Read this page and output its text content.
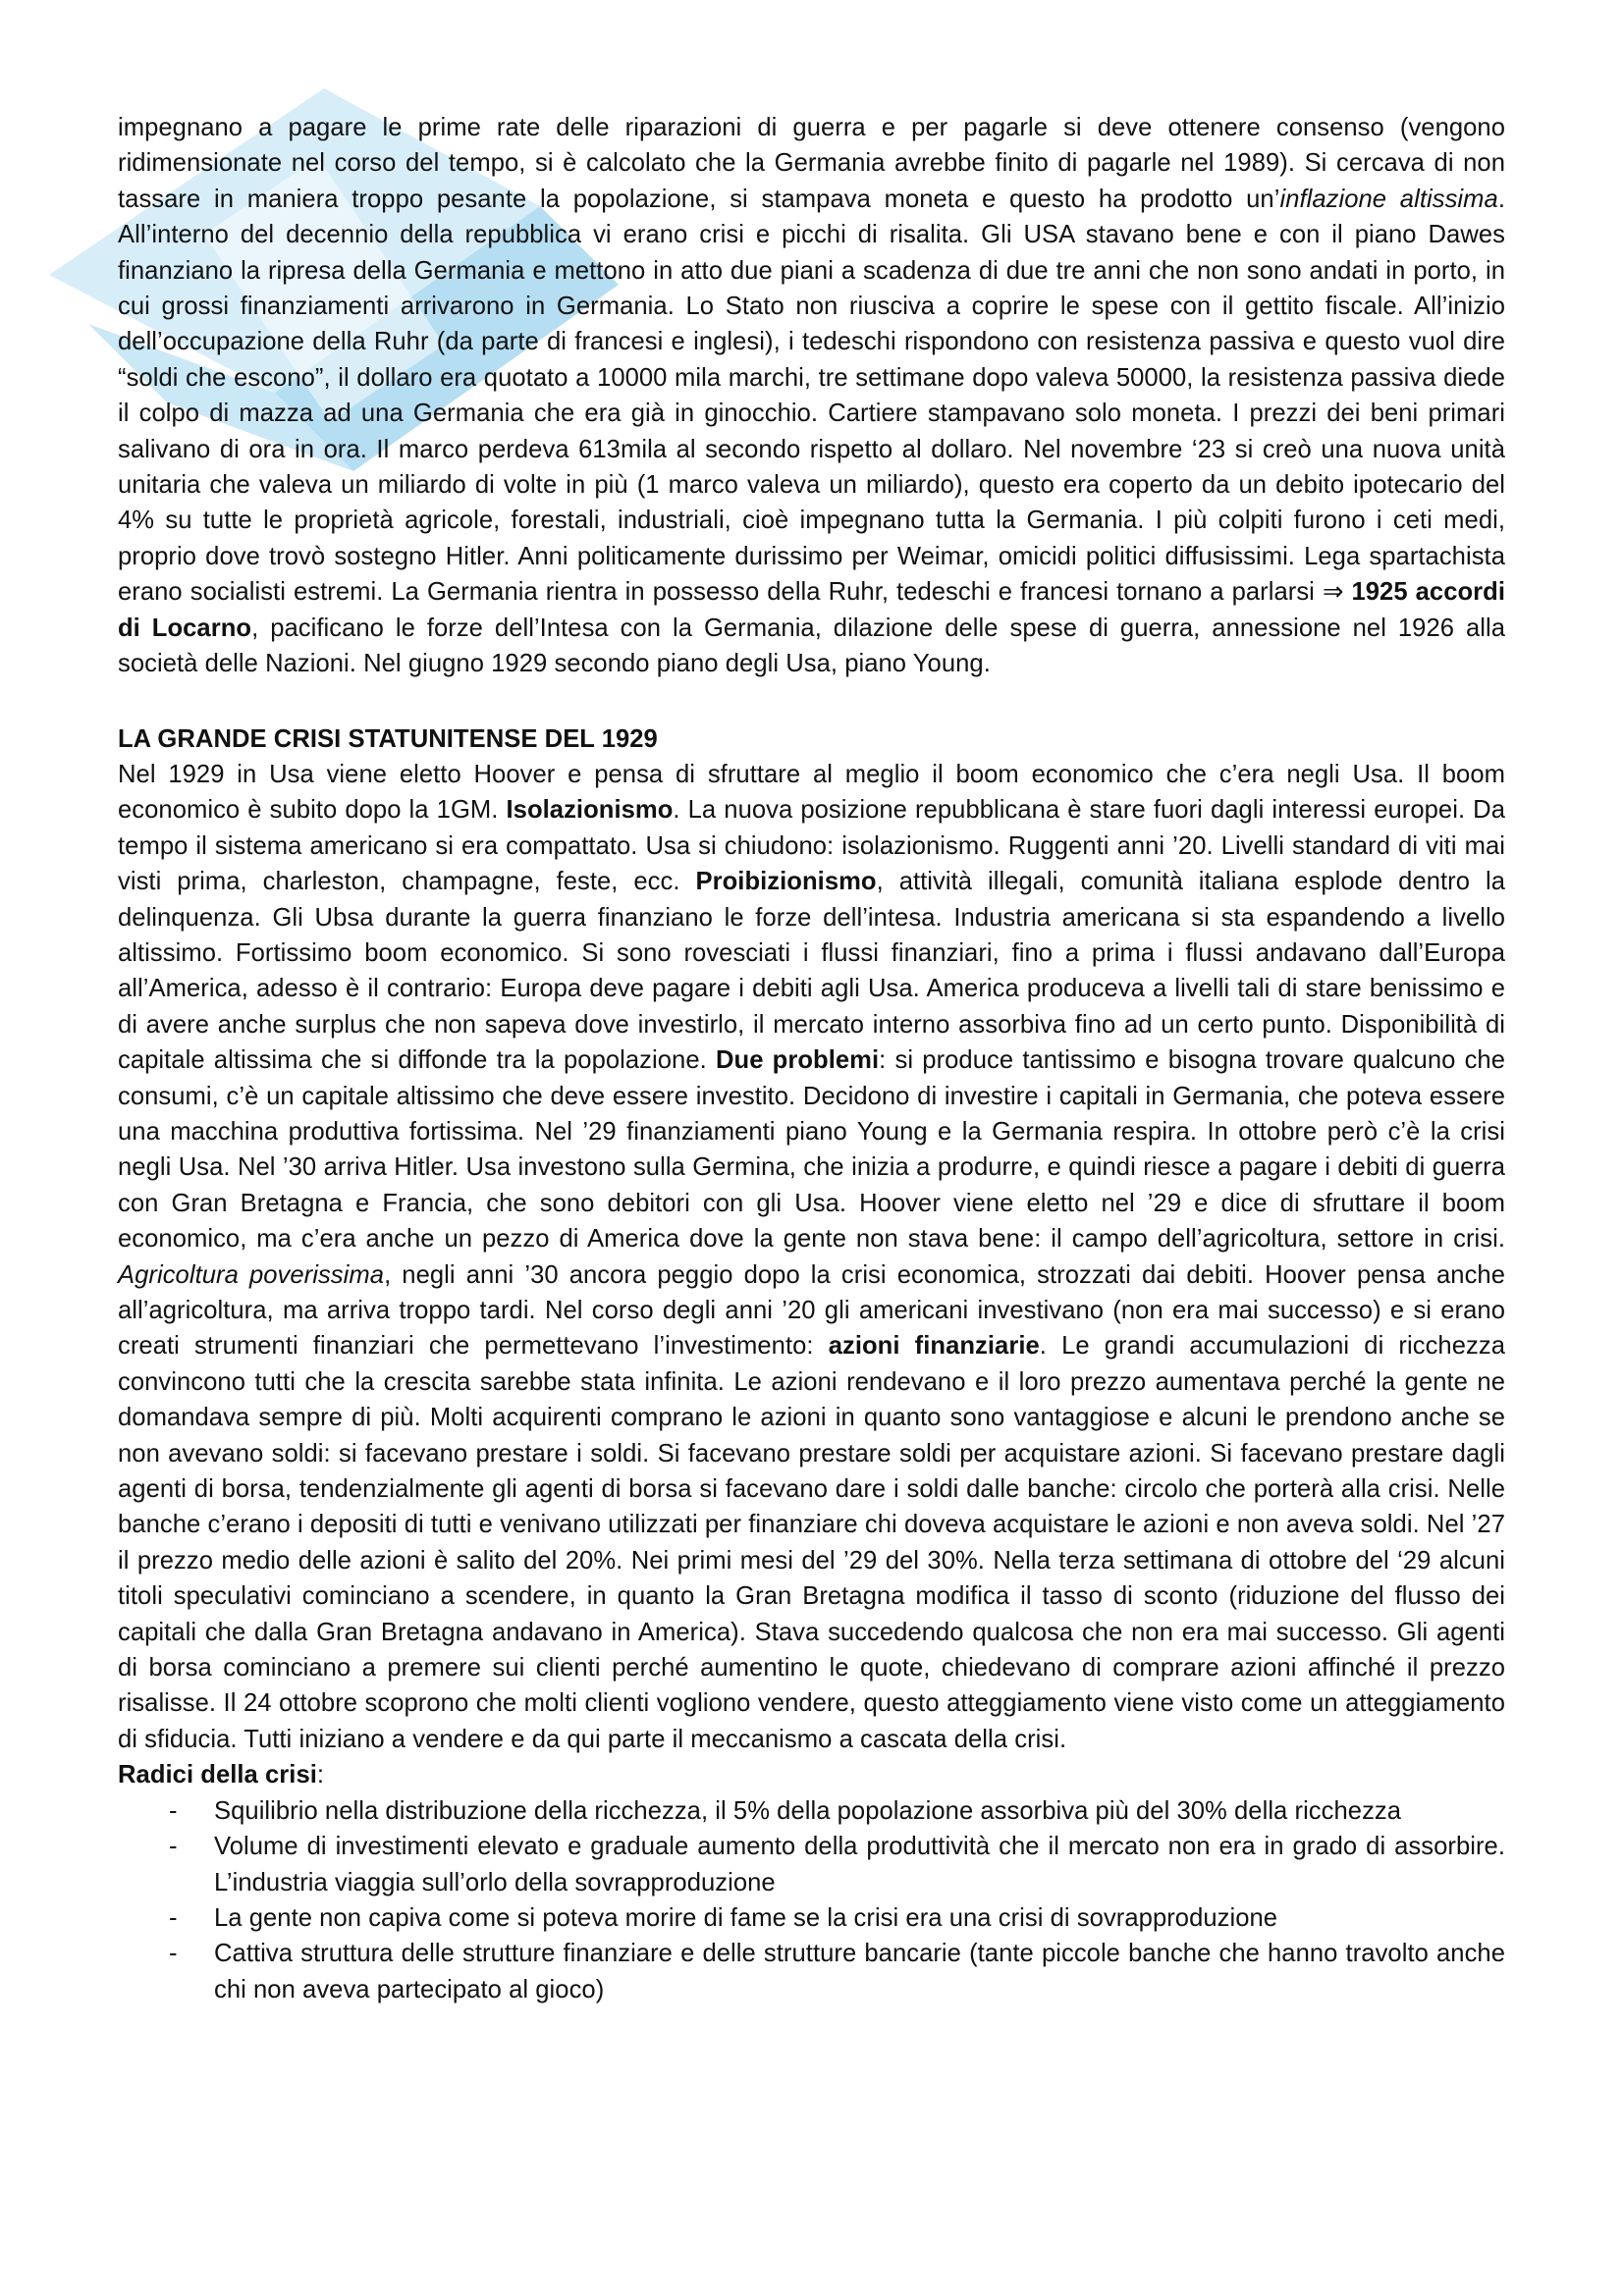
impegnano a pagare le prime rate delle riparazioni di guerra e per pagarle si deve ottenere consenso (vengono ridimensionate nel corso del tempo, si è calcolato che la Germania avrebbe finito di pagarle nel 1989). Si cercava di non tassare in maniera troppo pesante la popolazione, si stampava moneta e questo ha prodotto un’inflazione altissima. All’interno del decennio della repubblica vi erano crisi e picchi di risalita. Gli USA stavano bene e con il piano Dawes finanziano la ripresa della Germania e mettono in atto due piani a scadenza di due tre anni che non sono andati in porto, in cui grossi finanziamenti arrivarono in Germania. Lo Stato non riusciva a coprire le spese con il gettito fiscale. All’inizio dell’occupazione della Ruhr (da parte di francesi e inglesi), i tedeschi rispondono con resistenza passiva e questo vuol dire “soldi che escono”, il dollaro era quotato a 10000 mila marchi, tre settimane dopo valeva 50000, la resistenza passiva diede il colpo di mazza ad una Germania che era già in ginocchio. Cartiere stampavano solo moneta. I prezzi dei beni primari salivano di ora in ora. Il marco perdeva 613mila al secondo rispetto al dollaro. Nel novembre ‘23 si creò una nuova unità unitaria che valeva un miliardo di volte in più (1 marco valeva un miliardo), questo era coperto da un debito ipotecario del 4% su tutte le proprietà agricole, forestali, industriali, cioè impegnano tutta la Germania. I più colpiti furono i ceti medi, proprio dove trovò sostegno Hitler. Anni politicamente durissimo per Weimar, omicidi politici diffusissimi. Lega spartachista erano socialisti estremi. La Germania rientra in possesso della Ruhr, tedeschi e francesi tornano a parlarsi ⇒ 1925 accordi di Locarno, pacificano le forze dell’Intesa con la Germania, dilazione delle spese di guerra, annessione nel 1926 alla società delle Nazioni. Nel giugno 1929 secondo piano degli Usa, piano Young.

LA GRANDE CRISI STATUNITENSE DEL 1929

Nel 1929 in Usa viene eletto Hoover e pensa di sfruttare al meglio il boom economico che c’era negli Usa. Il boom economico è subito dopo la 1GM. Isolazionismo. La nuova posizione repubblicana è stare fuori dagli interessi europei. Da tempo il sistema americano si era compattato. Usa si chiudono: isolazionismo. Ruggenti anni ’20. Livelli standard di viti mai visti prima, charleston, champagne, feste, ecc. Proibizionismo, attività illegali, comunità italiana esplode dentro la delinquenza. Gli Ubsa durante la guerra finanziano le forze dell’intesa. Industria americana si sta espandendo a livello altissimo. Fortissimo boom economico. Si sono rovesciati i flussi finanziari, fino a prima i flussi andavano dall’Europa all’America, adesso è il contrario: Europa deve pagare i debiti agli Usa. America produceva a livelli tali di stare benissimo e di avere anche surplus che non sapeva dove investirlo, il mercato interno assorbiva fino ad un certo punto. Disponibilità di capitale altissima che si diffonde tra la popolazione. Due problemi: si produce tantissimo e bisogna trovare qualcuno che consumi, c’è un capitale altissimo che deve essere investito. Decidono di investire i capitali in Germania, che poteva essere una macchina produttiva fortissima. Nel ’29 finanziamenti piano Young e la Germania respira. In ottobre però c’è la crisi negli Usa. Nel ’30 arriva Hitler. Usa investono sulla Germina, che inizia a produrre, e quindi riesce a pagare i debiti di guerra con Gran Bretagna e Francia, che sono debitori con gli Usa. Hoover viene eletto nel ’29 e dice di sfruttare il boom economico, ma c’era anche un pezzo di America dove la gente non stava bene: il campo dell’agricoltura, settore in crisi. Agricoltura poverissima, negli anni ’30 ancora peggio dopo la crisi economica, strozzati dai debiti. Hoover pensa anche all’agricoltura, ma arriva troppo tardi. Nel corso degli anni ’20 gli americani investivano (non era mai successo) e si erano creati strumenti finanziari che permettevano l’investimento: azioni finanziarie. Le grandi accumulazioni di ricchezza convincono tutti che la crescita sarebbe stata infinita. Le azioni rendevano e il loro prezzo aumentava perché la gente ne domandava sempre di più. Molti acquirenti comprano le azioni in quanto sono vantaggiose e alcuni le prendono anche se non avevano soldi: si facevano prestare i soldi. Si facevano prestare soldi per acquistare azioni. Si facevano prestare dagli agenti di borsa, tendenzialmente gli agenti di borsa si facevano dare i soldi dalle banche: circolo che porterà alla crisi. Nelle banche c’erano i depositi di tutti e venivano utilizzati per finanziare chi doveva acquistare le azioni e non aveva soldi. Nel ’27 il prezzo medio delle azioni è salito del 20%. Nei primi mesi del ’29 del 30%. Nella terza settimana di ottobre del ‘29 alcuni titoli speculativi cominciano a scendere, in quanto la Gran Bretagna modifica il tasso di sconto (riduzione del flusso dei capitali che dalla Gran Bretagna andavano in America). Stava succedendo qualcosa che non era mai successo. Gli agenti di borsa cominciano a premere sui clienti perché aumentino le quote, chiedevano di comprare azioni affinché il prezzo risalisse. Il 24 ottobre scoprono che molti clienti vogliono vendere, questo atteggiamento viene visto come un atteggiamento di sfiducia. Tutti iniziano a vendere e da qui parte il meccanismo a cascata della crisi.

Radici della crisi:

- Squilibrio nella distribuzione della ricchezza, il 5% della popolazione assorbiva più del 30% della ricchezza
- Volume di investimenti elevato e graduale aumento della produttività che il mercato non era in grado di assorbire. L’industria viaggia sull’orlo della sovrapproduzione
- La gente non capiva come si poteva morire di fame se la crisi era una crisi di sovrapproduzione
- Cattiva struttura delle strutture finanziare e delle strutture bancarie (tante piccole banche che hanno travolto anche chi non aveva partecipato al gioco)
